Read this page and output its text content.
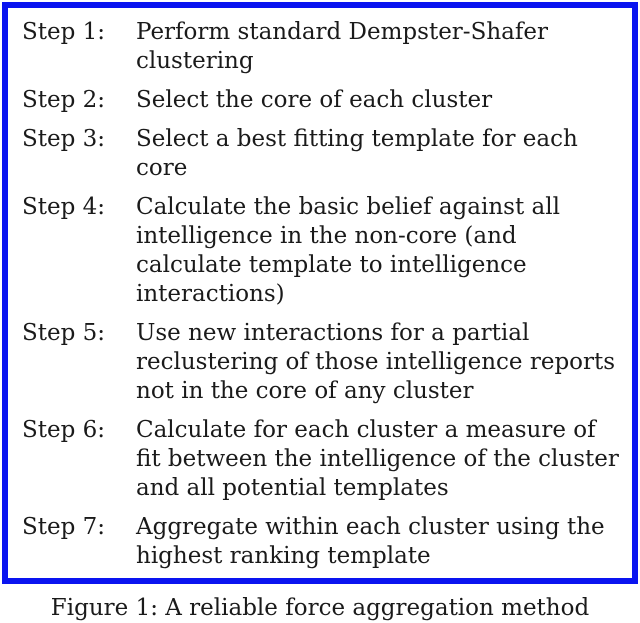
Step 1:	Perform standard Dempster-Shafer clustering
Step 2:	Select the core of each cluster
Step 3:	Select a best fitting template for each core
Step 4:	Calculate the basic belief against all intelligence in the non-core (and calculate template to intelligence interactions)
Step 5:	Use new interactions for a partial reclustering of those intelligence reports not in the core of any cluster
Step 6:	Calculate for each cluster a measure of fit between the intelligence of the cluster and all potential templates
Step 7:	Aggregate within each cluster using the highest ranking template
Figure 1: A reliable force aggregation method
